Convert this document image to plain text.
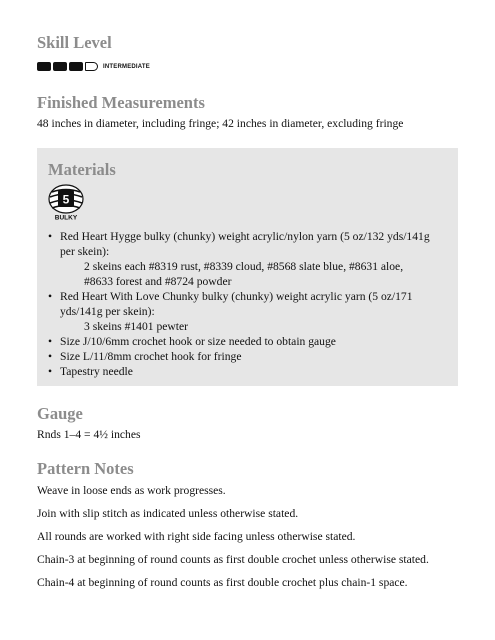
Skill Level
INTERMEDIATE
Finished Measurements

48 inches in diameter, including fringe; 42 inches in diameter, excluding fringe

Materials
5
BULKY
• Red Heart Hygge bulky (chunky) weight acrylic/nylon yarn (5 oz/132 yds/141g
per skein):
2 skeins each #8319 rust, #8339 cloud, #8568 slate blue, #8631 aloe,
#8633 forest and #8724 powder
• Red Heart With Love Chunky bulky (chunky) weight acrylic yarn (5 oz/171
yds/141g per skein):
3 skeins #1401 pewter
• Size J/10/6mm crochet hook or size needed to obtain gauge
• Size L/11/8mm crochet hook for fringe
• Tapestry needle
Gauge

Rnds 1–4 = 4½ inches

Pattern Notes

Weave in loose ends as work progresses.

Join with slip stitch as indicated unless otherwise stated.

All rounds are worked with right side facing unless otherwise stated.

Chain-3 at beginning of round counts as first double crochet unless otherwise stated.

Chain-4 at beginning of round counts as first double crochet plus chain-1 space.
